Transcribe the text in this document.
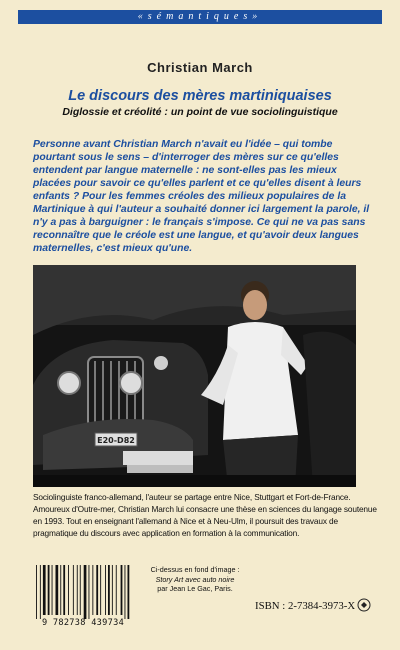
«sémantiques»
Christian March
Le discours des mères martiniquaises
Diglossie et créolité : un point de vue sociolinguistique

Personne avant Christian March n'avait eu l'idée – qui tombe pourtant sous le sens – d'interroger des mères sur ce qu'elles entendent par langue maternelle : ne sont-elles pas les mieux placées pour savoir ce qu'elles parlent et ce qu'elles disent à leurs enfants ? Pour les femmes créoles des milieux populaires de la Martinique à qui l'auteur a souhaité donner ici largement la parole, il n'y a pas à barguigner : le français s'impose. Ce qui ne va pas sans reconnaître que le créole est une langue, et qu'avoir deux langues maternelles, c'est mieux qu'une.

E20-D82

Sociolinguiste franco-allemand, l'auteur se partage entre Nice, Stuttgart et Fort-de-France. Amoureux d'Outre-mer, Christian March lui consacre une thèse en sciences du langage soutenue en 1993. Tout en enseignant l'allemand à Nice et à Neu-Ulm, il poursuit des travaux de pragmatique du discours avec application en formation à la communication.

9 782738 439734
Ci-dessus en fond d'image :
Story Art avec auto noire
par Jean Le Gac, Paris.
ISBN : 2-7384-3973-X
